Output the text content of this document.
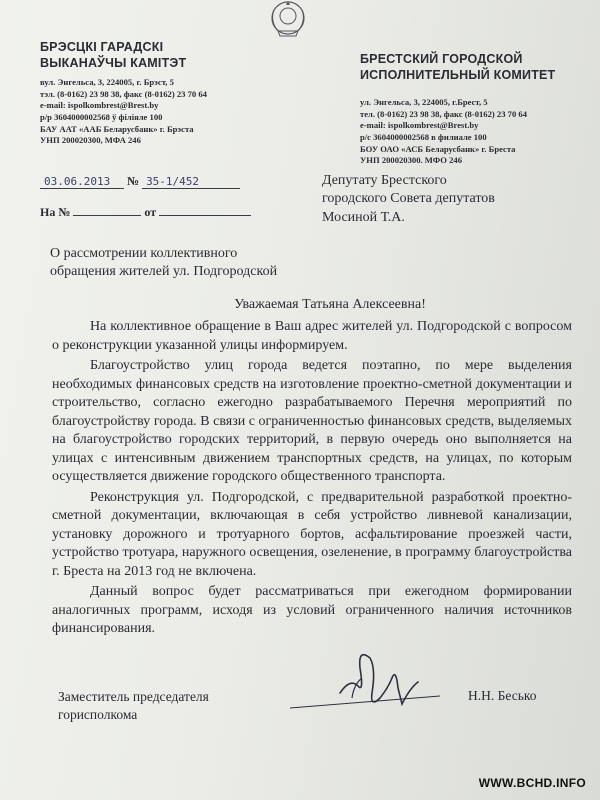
БРЭСЦКІ ГАРАДСКІ
ВЫКАНАЎЧЫ КАМІТЭТ
вул. Энгельса, 3, 224005, г. Брэст, 5
тэл. (8-0162) 23 98 38, факс (8-0162) 23 70 64
e-mail: ispolkombrest@Brest.by
р/р 3604000002568 ў філіяле 100
БАУ ААТ «ААБ Беларусбанк» г. Брэста
УНП 200020300, МФА 246
БРЕСТСКИЙ ГОРОДСКОЙ
ИСПОЛНИТЕЛЬНЫЙ КОМИТЕТ
ул. Энгельса, 3, 224005, г.Брест, 5
тел. (8-0162) 23 98 38, факс (8-0162) 23 70 64
e-mail: ispolkombrest@Brest.by
р/с 3604000002568 в филиале 100
БОУ ОАО «АСБ Беларусбанк» г. Бреста
УНП 200020300. МФО 246
03.06.2013 № 35-1/452
На №	от
Депутату Брестского
городского Совета депутатов
Мосиной Т.А.
О рассмотрении коллективного
обращения жителей ул. Подгородской
Уважаемая Татьяна Алексеевна!

На коллективное обращение в Ваш адрес жителей ул. Подгородской с вопросом о реконструкции указанной улицы информируем.

Благоустройство улиц города ведется поэтапно, по мере выделения необходимых финансовых средств на изготовление проектно-сметной документации и строительство, согласно ежегодно разрабатываемого Перечня мероприятий по благоустройству города. В связи с ограниченностью финансовых средств, выделяемых на благоустройство городских территорий, в первую очередь оно выполняется на улицах с интенсивным движением транспортных средств, на улицах, по которым осуществляется движение городского общественного транспорта.

Реконструкция ул. Подгородской, с предварительной разработкой проектно-сметной документации, включающая в себя устройство ливневой канализации, установку дорожного и тротуарного бортов, асфальтирование проезжей части, устройство тротуара, наружного освещения, озеленение, в программу благоустройства г. Бреста на 2013 год не включена.

Данный вопрос будет рассматриваться при ежегодном формировании аналогичных программ, исходя из условий ограниченного наличия источников финансирования.

Заместитель председателя
горисполкома
Н.Н. Бесько
WWW.BCHD.INFO
